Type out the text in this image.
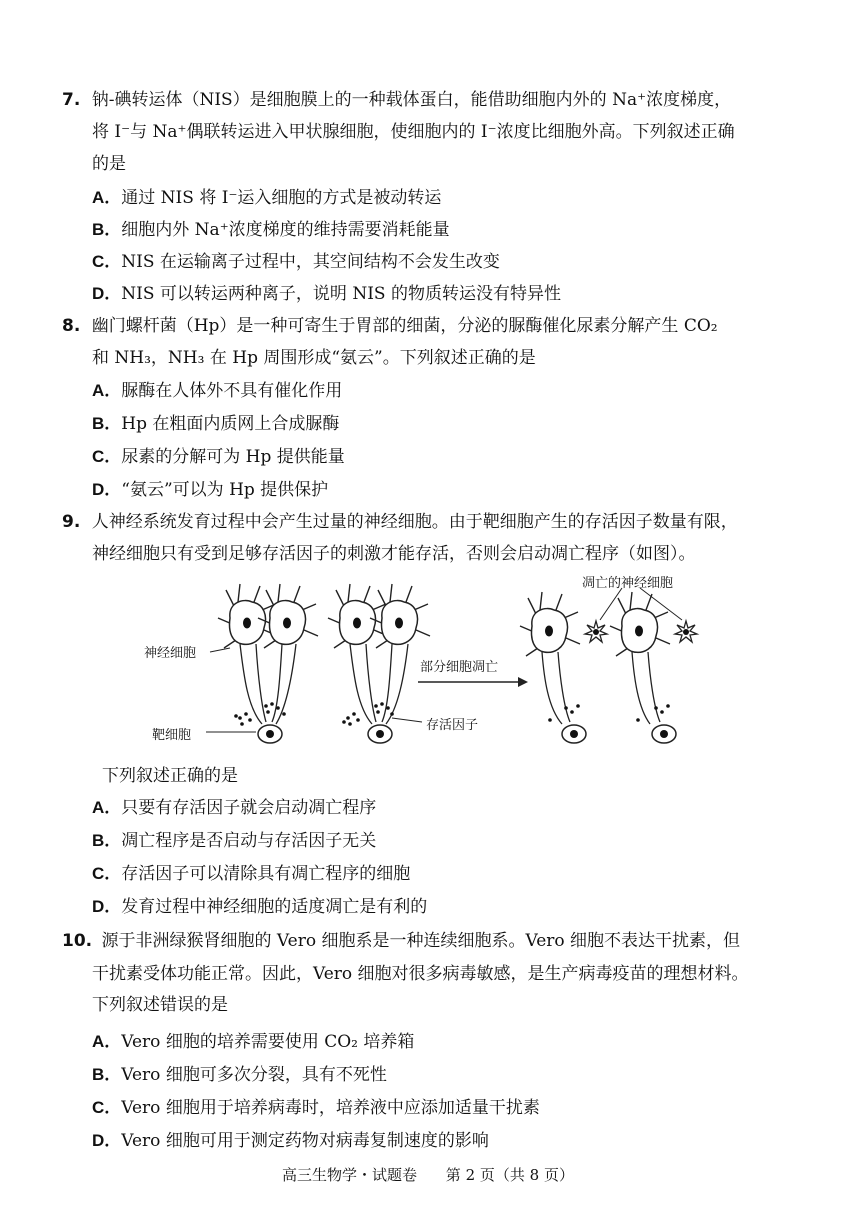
7. 钠-碘转运体（NIS）是细胞膜上的一种载体蛋白，能借助细胞内外的 Na⁺浓度梯度，
将 I⁻与 Na⁺偶联转运进入甲状腺细胞，使细胞内的 I⁻浓度比细胞外高。下列叙述正确
的是
A．通过 NIS 将 I⁻运入细胞的方式是被动转运
B．细胞内外 Na⁺浓度梯度的维持需要消耗能量
C．NIS 在运输离子过程中，其空间结构不会发生改变
D．NIS 可以转运两种离子，说明 NIS 的物质转运没有特异性
8. 幽门螺杆菌（Hp）是一种可寄生于胃部的细菌，分泌的脲酶催化尿素分解产生 CO₂
和 NH₃，NH₃ 在 Hp 周围形成“氨云”。下列叙述正确的是
A．脲酶在人体外不具有催化作用
B．Hp 在粗面内质网上合成脲酶
C．尿素的分解可为 Hp 提供能量
D．“氨云”可以为 Hp 提供保护
9. 人神经系统发育过程中会产生过量的神经细胞。由于靶细胞产生的存活因子数量有限，
神经细胞只有受到足够存活因子的刺激才能存活，否则会启动凋亡程序（如图）。
神经细胞
靶细胞
存活因子
部分细胞凋亡
凋亡的神经细胞
下列叙述正确的是
A．只要有存活因子就会启动凋亡程序
B．凋亡程序是否启动与存活因子无关
C．存活因子可以清除具有凋亡程序的细胞
D．发育过程中神经细胞的适度凋亡是有利的
10. 源于非洲绿猴肾细胞的 Vero 细胞系是一种连续细胞系。Vero 细胞不表达干扰素，但
干扰素受体功能正常。因此，Vero 细胞对很多病毒敏感，是生产病毒疫苗的理想材料。
下列叙述错误的是
A．Vero 细胞的培养需要使用 CO₂ 培养箱
B．Vero 细胞可多次分裂，具有不死性
C．Vero 细胞用于培养病毒时，培养液中应添加适量干扰素
D．Vero 细胞可用于测定药物对病毒复制速度的影响
高三生物学・试题卷 第 2 页（共 8 页）
